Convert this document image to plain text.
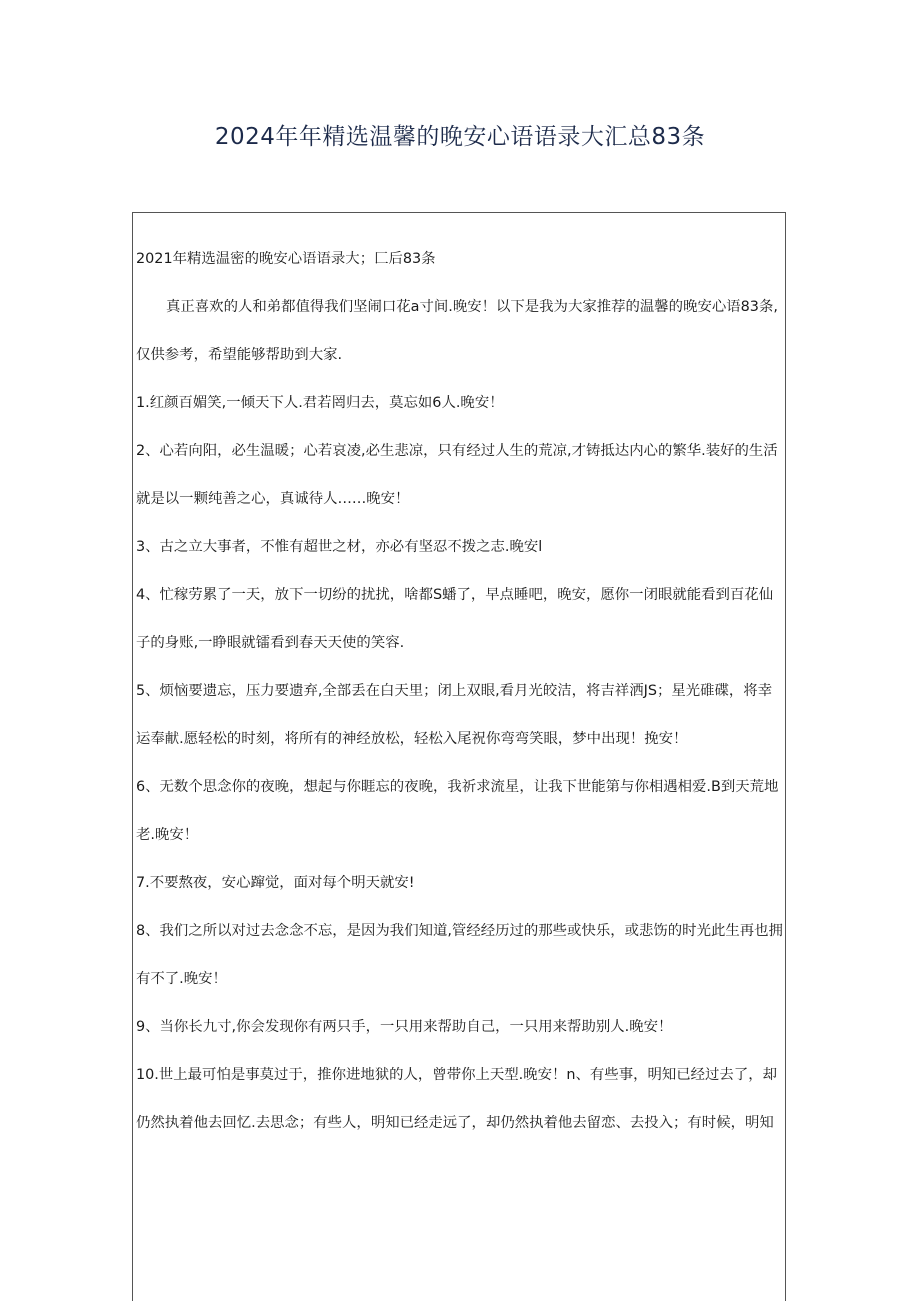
2024年年精选温馨的晚安心语语录大汇总83条

2021年精选温密的晚安心语语录大；匚后83条

真正喜欢的人和弟都值得我们坚闹口花a寸间.晚安！以下是我为大家推荐的温馨的晚安心语83条,仅供参考，希望能够帮助到大家.

1.红颜百媚笑,一倾天下人.君若罔归去，莫忘如6人.晚安！

2、心若向阳，必生温暖；心若哀凌,必生悲凉，只有经过人生的荒凉,才铸抵达内心的繁华.装好的生活就是以一颗纯善之心，真诚待人……晚安！

3、古之立大事者，不惟有超世之材，亦必有坚忍不拨之志.晚安l

4、忙稼劳累了一天，放下一切纷的扰扰，啥都S蟠了，早点睡吧，晚安，愿你一闭眼就能看到百花仙子的身账,一睁眼就镭看到春天天使的笑容.

5、烦恼要遗忘，压力要遗弃,全部丢在白天里；闭上双眼,看月光皎洁，将吉祥洒JS；星光碓碟，将幸运奉献.愿轻松的时刻，将所有的神经放松，轻松入尾祝你弯弯笑眼，梦中出现！挽安！

6、无数个思念你的夜晚，想起与你睚忘的夜晚，我祈求流星，让我下世能第与你相遇相爱.B到天荒地老.晚安！

7.不要熬夜，安心蹿觉，面对每个明天就安!

8、我们之所以对过去念念不忘，是因为我们知道,管经经历过的那些或快乐，或悲饬的时光此生再也拥有不了.晚安！

9、当你长九寸,你会发现你有两只手，一只用来帮助自己，一只用来帮助别人.晚安！

10.世上最可怕是事莫过于，推你进地狱的人，曾带你上天型.晚安！n、有些事，明知已经过去了，却仍然执着他去回忆.去思念；有些人，明知已经走远了，却仍然执着他去留恋、去投入；有时候，明知
